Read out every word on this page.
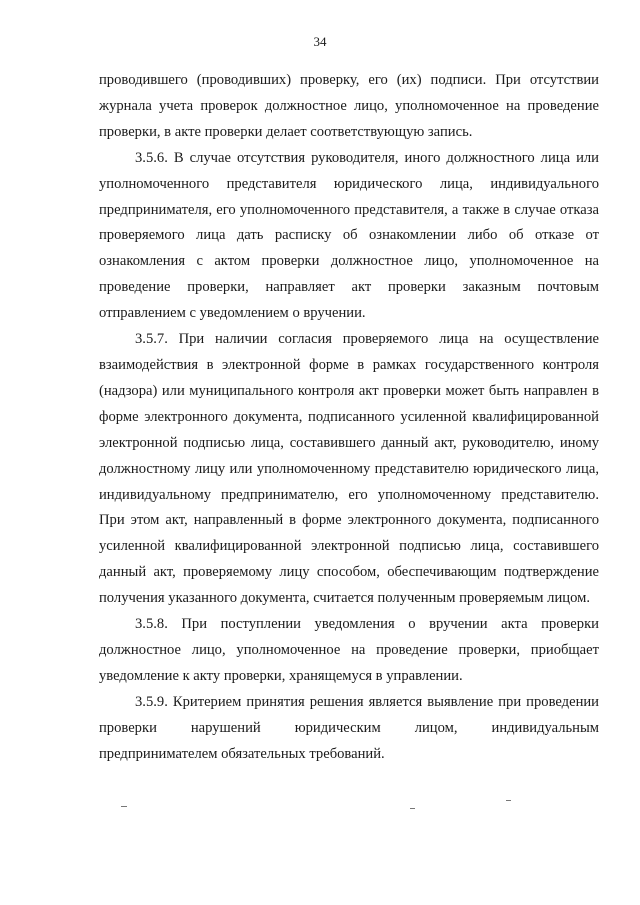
34

проводившего (проводивших) проверку, его (их) подписи. При отсутствии журнала учета проверок должностное лицо, уполномоченное на проведение проверки, в акте проверки делает соответствующую запись.

3.5.6. В случае отсутствия руководителя, иного должностного лица или уполномоченного представителя юридического лица, индивидуального предпринимателя, его уполномоченного представителя, а также в случае отказа проверяемого лица дать расписку об ознакомлении либо об отказе от ознакомления с актом проверки должностное лицо, уполномоченное на проведение проверки, направляет акт проверки заказным почтовым отправлением с уведомлением о вручении.

3.5.7. При наличии согласия проверяемого лица на осуществление взаимодействия в электронной форме в рамках государственного контроля (надзора) или муниципального контроля акт проверки может быть направлен в форме электронного документа, подписанного усиленной квалифицированной электронной подписью лица, составившего данный акт, руководителю, иному должностному лицу или уполномоченному представителю юридического лица, индивидуальному предпринимателю, его уполномоченному представителю. При этом акт, направленный в форме электронного документа, подписанного усиленной квалифицированной электронной подписью лица, составившего данный акт, проверяемому лицу способом, обеспечивающим подтверждение получения указанного документа, считается полученным проверяемым лицом.

3.5.8. При поступлении уведомления о вручении акта проверки должностное лицо, уполномоченное на проведение проверки, приобщает уведомление к акту проверки, хранящемуся в управлении.

3.5.9. Критерием принятия решения является выявление при проведении проверки нарушений юридическим лицом, индивидуальным предпринимателем обязательных требований.
